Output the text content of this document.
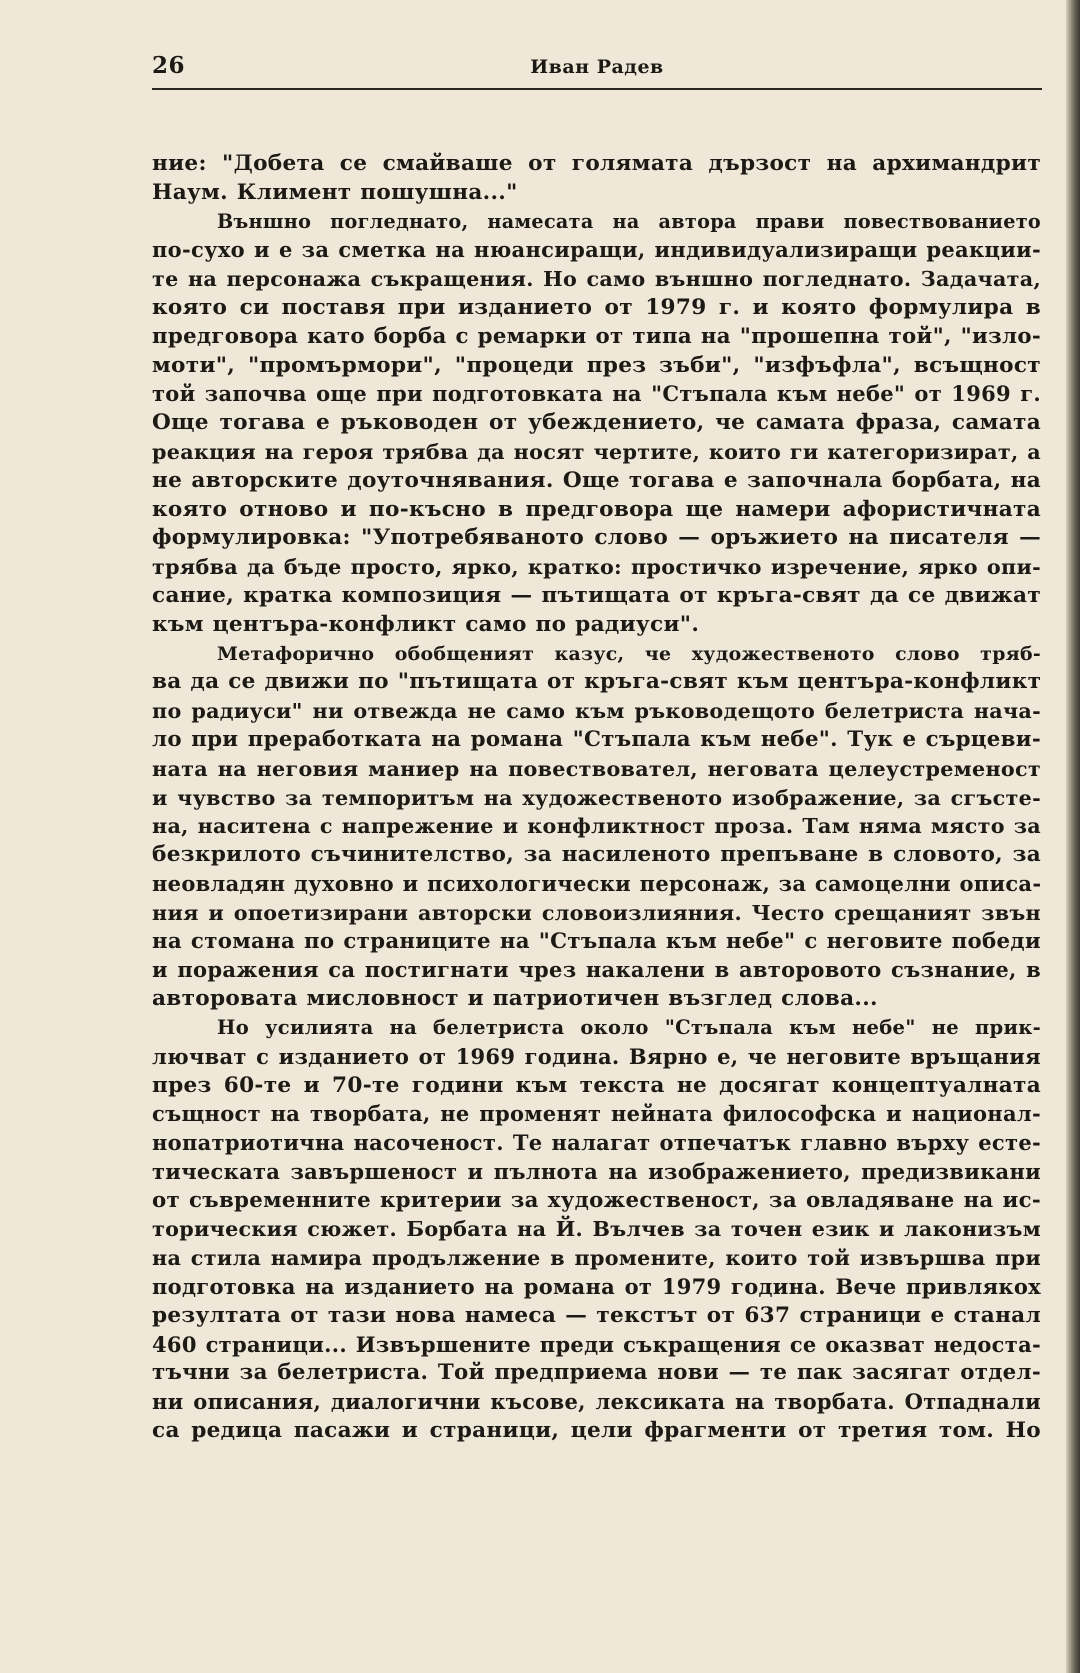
26	Иван Радев
ние: "Добета се смайваше от голямата дързост на архимандрит
Наум. Климент пошушна..."
Външно погледнато, намесата на автора прави повествованието
по-сухо и е за сметка на нюансиращи, индивидуализиращи реакции-
те на персонажа съкращения. Но само външно погледнато. Задачата,
която си поставя при изданието от 1979 г. и която формулира в
предговора като борба с ремарки от типа на "прошепна той", "изло-
моти", "промърмори", "процеди през зъби", "изфъфла", всъщност
той започва още при подготовката на "Стъпала към небе" от 1969 г.
Още тогава е ръководен от убеждението, че самата фраза, самата
реакция на героя трябва да носят чертите, които ги категоризират, а
не авторските доуточнявания. Още тогава е започнала борбата, на
която отново и по-късно в предговора ще намери афористичната
формулировка: "Употребяваното слово — оръжието на писателя —
трябва да бъде просто, ярко, кратко: простичко изречение, ярко опи-
сание, кратка композиция — пътищата от кръга-свят да се движат
към центъра-конфликт само по радиуси".
Метафорично обобщеният казус, че художественото слово тряб-
ва да се движи по "пътищата от кръга-свят към центъра-конфликт
по радиуси" ни отвежда не само към ръководещото белетриста нача-
ло при преработката на романа "Стъпала към небе". Тук е сърцеви-
ната на неговия маниер на повествовател, неговата целеустременост
и чувство за темпоритъм на художественото изображение, за сгъсте-
на, наситена с напрежение и конфликтност проза. Там няма място за
безкрилото съчинителство, за насиленото препъване в словото, за
неовладян духовно и психологически персонаж, за самоцелни описа-
ния и опоетизирани авторски словоизлияния. Често срещаният звън
на стомана по страниците на "Стъпала към небе" с неговите победи
и поражения са постигнати чрез накалени в авторовото съзнание, в
авторовата мисловност и патриотичен възглед слова...
Но усилията на белетриста около "Стъпала към небе" не прик-
лючват с изданието от 1969 година. Вярно е, че неговите връщания
през 60-те и 70-те години към текста не досягат концептуалната
същност на творбата, не променят нейната философска и национал-
нопатриотична насоченост. Те налагат отпечатък главно върху есте-
тическата завършеност и пълнота на изображението, предизвикани
от съвременните критерии за художественост, за овладяване на ис-
торическия сюжет. Борбата на Й. Вълчев за точен език и лаконизъм
на стила намира продължение в промените, които той извършва при
подготовка на изданието на романа от 1979 година. Вече привлякох
резултата от тази нова намеса — текстът от 637 страници е станал
460 страници... Извършените преди съкращения се оказват недоста-
тъчни за белетриста. Той предприема нови — те пак засягат отдел-
ни описания, диалогични късове, лексиката на творбата. Отпаднали
са редица пасажи и страници, цели фрагменти от третия том. Но
